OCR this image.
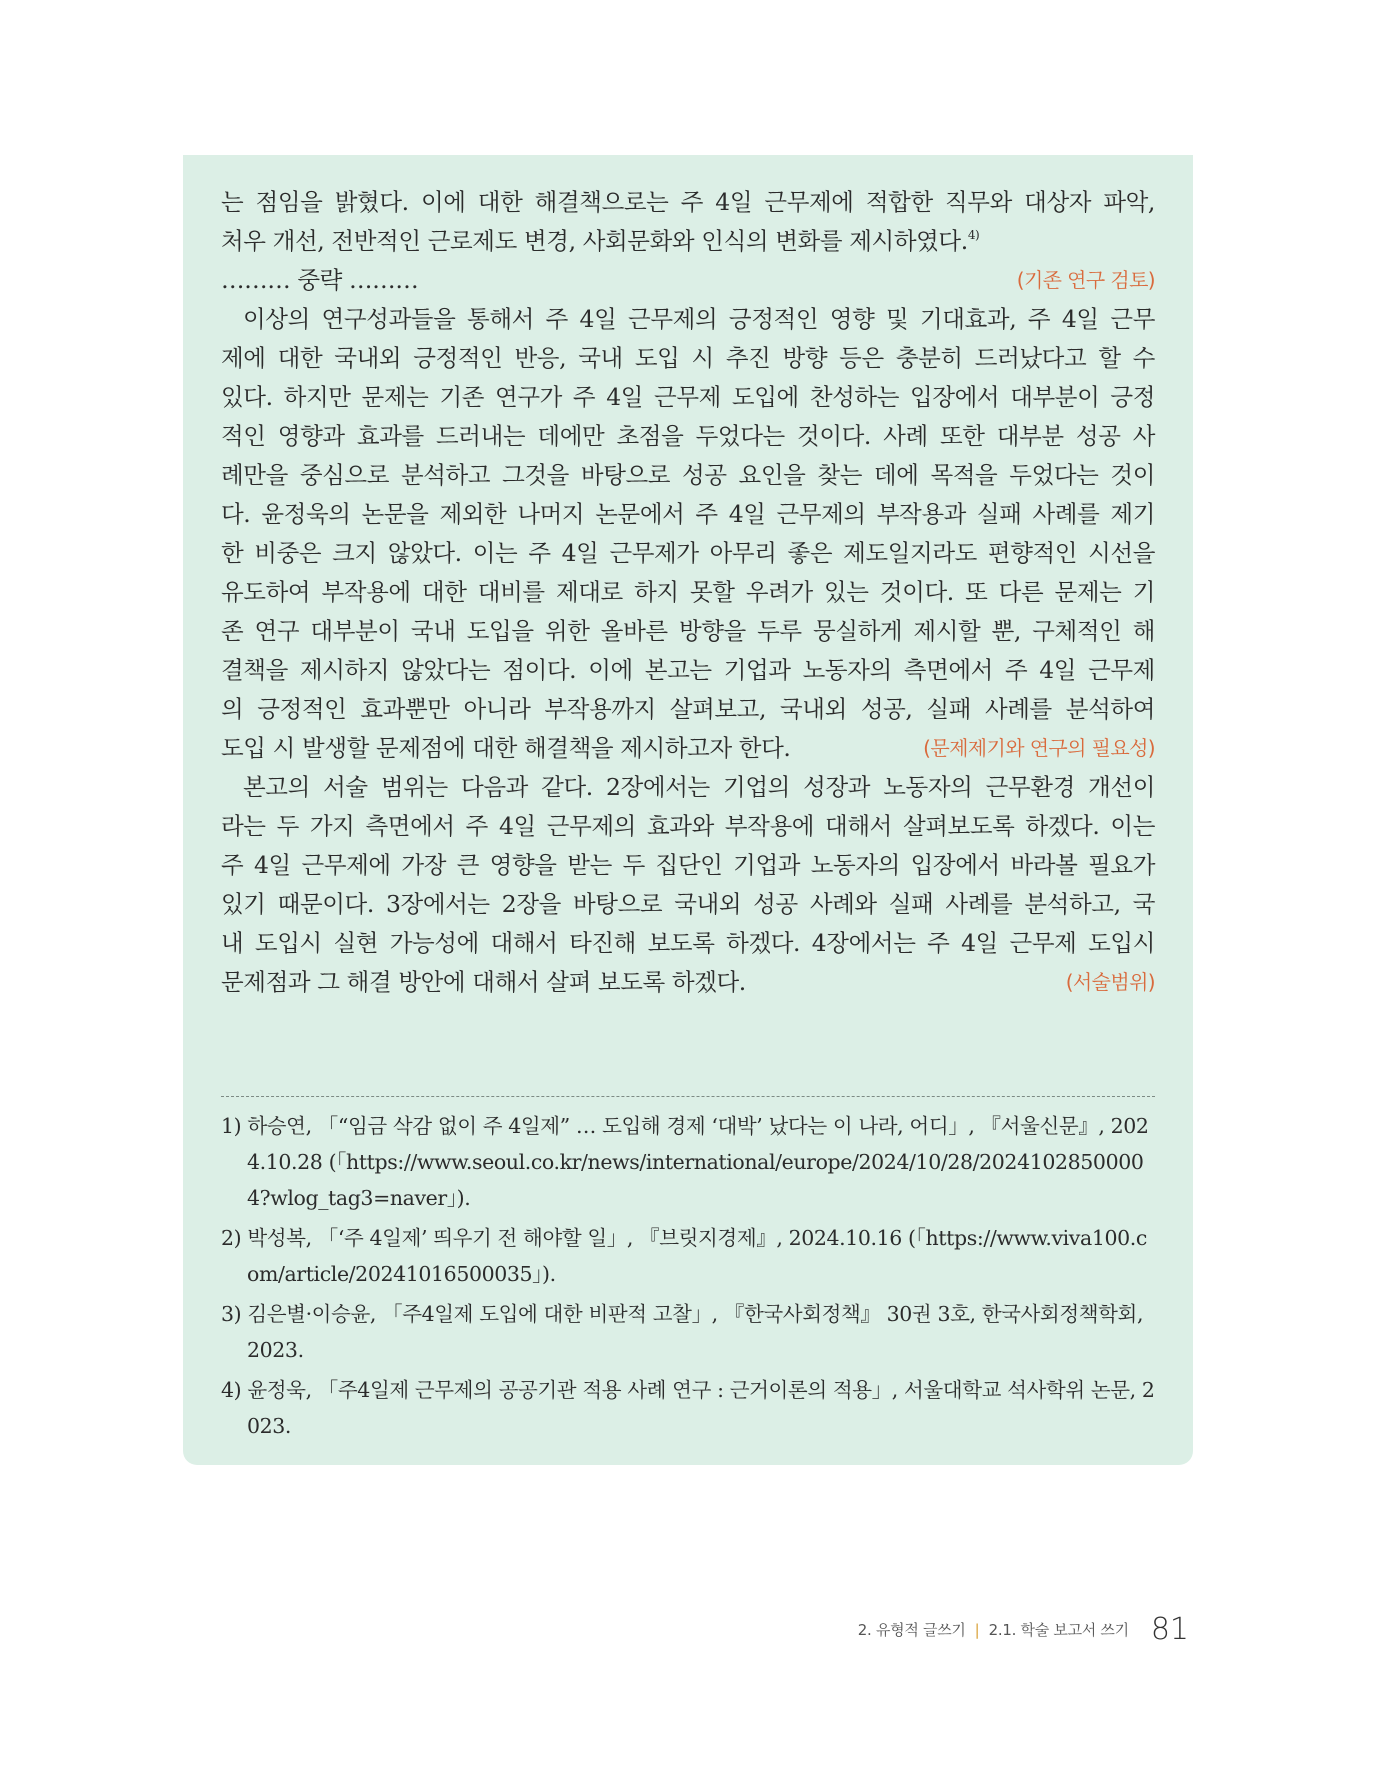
는 점임을 밝혔다. 이에 대한 해결책으로는 주 4일 근무제에 적합한 직무와 대상자 파악,
처우 개선, 전반적인 근로제도 변경, 사회문화와 인식의 변화를 제시하였다.$^{4)}$
……… 중략 ………	(기존 연구 검토)
이상의 연구성과들을 통해서 주 4일 근무제의 긍정적인 영향 및 기대효과, 주 4일 근무
제에 대한 국내외 긍정적인 반응, 국내 도입 시 추진 방향 등은 충분히 드러났다고 할 수
있다. 하지만 문제는 기존 연구가 주 4일 근무제 도입에 찬성하는 입장에서 대부분이 긍정
적인 영향과 효과를 드러내는 데에만 초점을 두었다는 것이다. 사례 또한 대부분 성공 사
례만을 중심으로 분석하고 그것을 바탕으로 성공 요인을 찾는 데에 목적을 두었다는 것이
다. 윤정욱의 논문을 제외한 나머지 논문에서 주 4일 근무제의 부작용과 실패 사례를 제기
한 비중은 크지 않았다. 이는 주 4일 근무제가 아무리 좋은 제도일지라도 편향적인 시선을
유도하여 부작용에 대한 대비를 제대로 하지 못할 우려가 있는 것이다. 또 다른 문제는 기
존 연구 대부분이 국내 도입을 위한 올바른 방향을 두루 뭉실하게 제시할 뿐, 구체적인 해
결책을 제시하지 않았다는 점이다. 이에 본고는 기업과 노동자의 측면에서 주 4일 근무제
의 긍정적인 효과뿐만 아니라 부작용까지 살펴보고, 국내외 성공, 실패 사례를 분석하여
도입 시 발생할 문제점에 대한 해결책을 제시하고자 한다.	(문제제기와 연구의 필요성)
본고의 서술 범위는 다음과 같다. 2장에서는 기업의 성장과 노동자의 근무환경 개선이
라는 두 가지 측면에서 주 4일 근무제의 효과와 부작용에 대해서 살펴보도록 하겠다. 이는
주 4일 근무제에 가장 큰 영향을 받는 두 집단인 기업과 노동자의 입장에서 바라볼 필요가
있기 때문이다. 3장에서는 2장을 바탕으로 국내외 성공 사례와 실패 사례를 분석하고, 국
내 도입시 실현 가능성에 대해서 타진해 보도록 하겠다. 4장에서는 주 4일 근무제 도입시
문제점과 그 해결 방안에 대해서 살펴 보도록 하겠다.	(서술범위)
1) 하승연, 「“임금 삭감 없이 주 4일제” … 도입해 경제 ‘대박’ 났다는 이 나라, 어디」, 『서울신문』, 2024.10.28 (「https://www.seoul.co.kr/news/international/europe/2024/10/28/20241028500004?wlog_tag3=naver」).
2) 박성복, 「‘주 4일제’ 띄우기 전 해야할 일」, 『브릿지경제』, 2024.10.16 (「https://www.viva100.com/article/20241016500035」).
3) 김은별·이승윤, 「주4일제 도입에 대한 비판적 고찰」, 『한국사회정책』 30권 3호, 한국사회정책학회, 2023.
4) 윤정욱, 「주4일제 근무제의 공공기관 적용 사례 연구 : 근거이론의 적용」, 서울대학교 석사학위 논문, 2023.
2. 유형적 글쓰기 | 2.1. 학술 보고서 쓰기 81
